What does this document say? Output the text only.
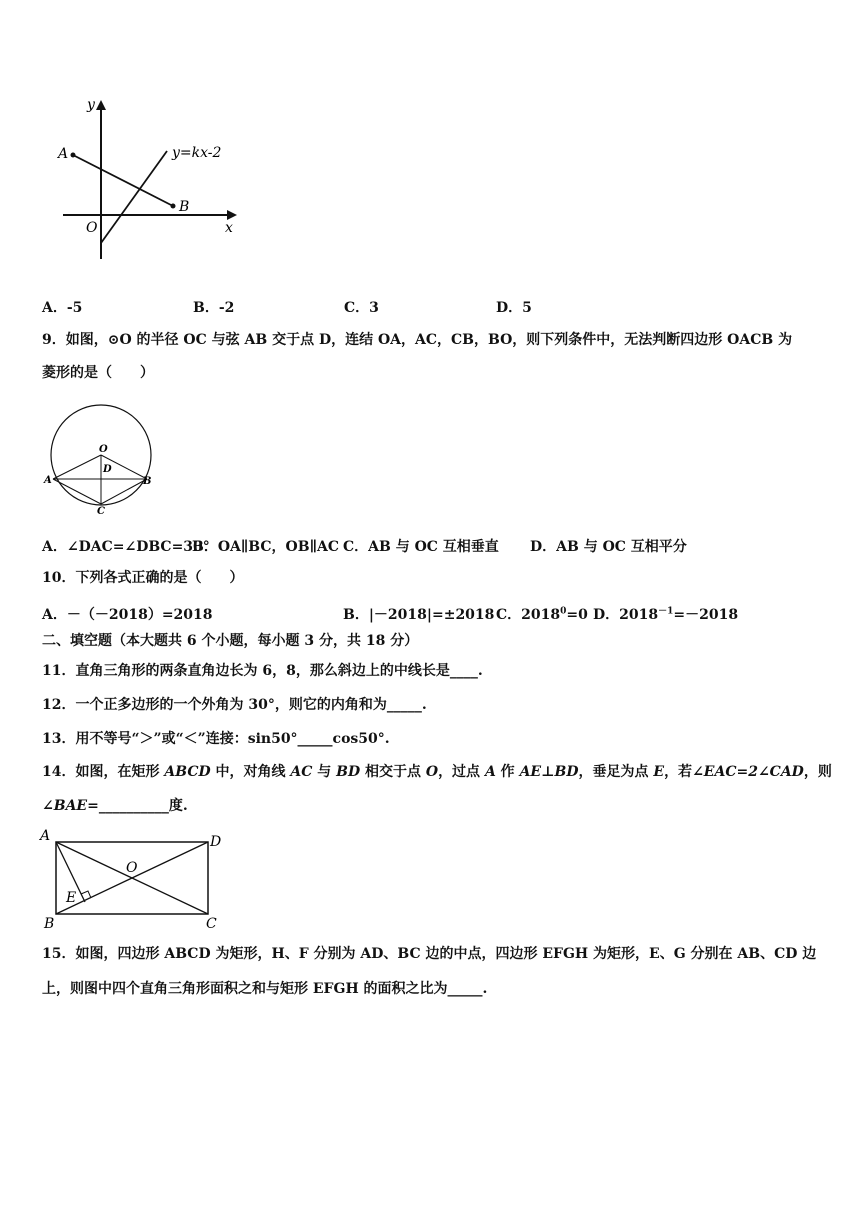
y
x
O
A
B
y=kx-2
A．-5	B．-2	C．3	D．5
9．如图，⊙O 的半径 OC 与弦 AB 交于点 D，连结 OA，AC，CB，BO，则下列条件中，无法判断四边形 OACB 为
菱形的是（　　）
O
D
A	B
C
A．∠DAC=∠DBC=30°
B．OA∥BC，OB∥AC C．AB 与 OC 互相垂直 D．AB 与 OC 互相平分
10．下列各式正确的是（　　）
A．－（－2018）=2018	B．|－2018|=±2018 C．$2018^0=0$ D．$2018^{-1}=-2018$
二、填空题（本大题共 6 个小题，每小题 3 分，共 18 分）
11．直角三角形的两条直角边长为 6，8，那么斜边上的中线长是____.
12．一个正多边形的一个外角为 30°，则它的内角和为_____.
13．用不等号“＞”或“＜”连接：sin50°_____cos50°.
14．如图，在矩形 ABCD 中，对角线 AC 与 BD 相交于点 O，过点 A 作 AE⊥BD，垂足为点 E，若∠EAC=2∠CAD，则
∠BAE=__________度.
A	D
O
E
B	C
15．如图，四边形 ABCD 为矩形，H、F 分别为 AD、BC 边的中点，四边形 EFGH 为矩形，E、G 分别在 AB、CD 边
上，则图中四个直角三角形面积之和与矩形 EFGH 的面积之比为_____.
